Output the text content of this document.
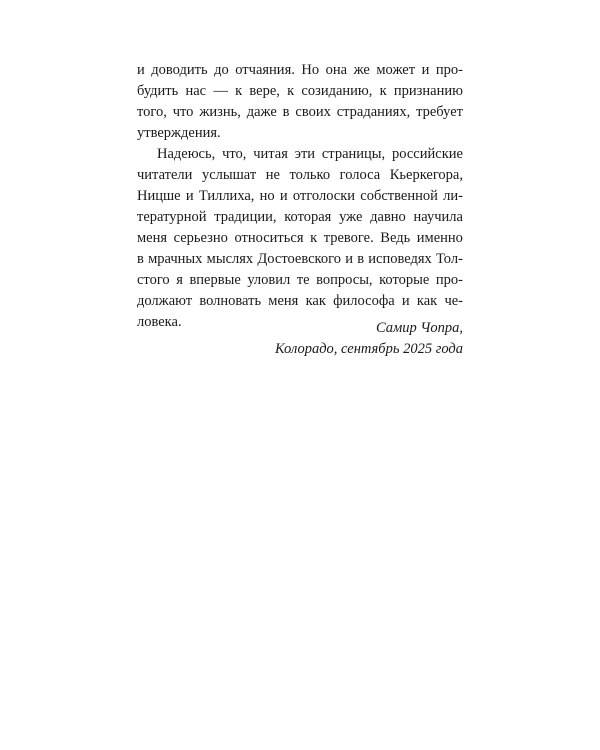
и доводить до отчаяния. Но она же может и про-
будить нас — к вере, к созиданию, к признанию
того, что жизнь, даже в своих страданиях, требует
утверждения.
Надеюсь, что, читая эти страницы, российские
читатели услышат не только голоса Кьеркегора,
Ницше и Тиллиха, но и отголоски собственной ли-
тературной традиции, которая уже давно научила
меня серьезно относиться к тревоге. Ведь именно
в мрачных мыслях Достоевского и в исповедях Тол-
стого я впервые уловил те вопросы, которые про-
должают волновать меня как философа и как че-
ловека.	Самир Чопра,
Колорадо, сентябрь 2025 года
